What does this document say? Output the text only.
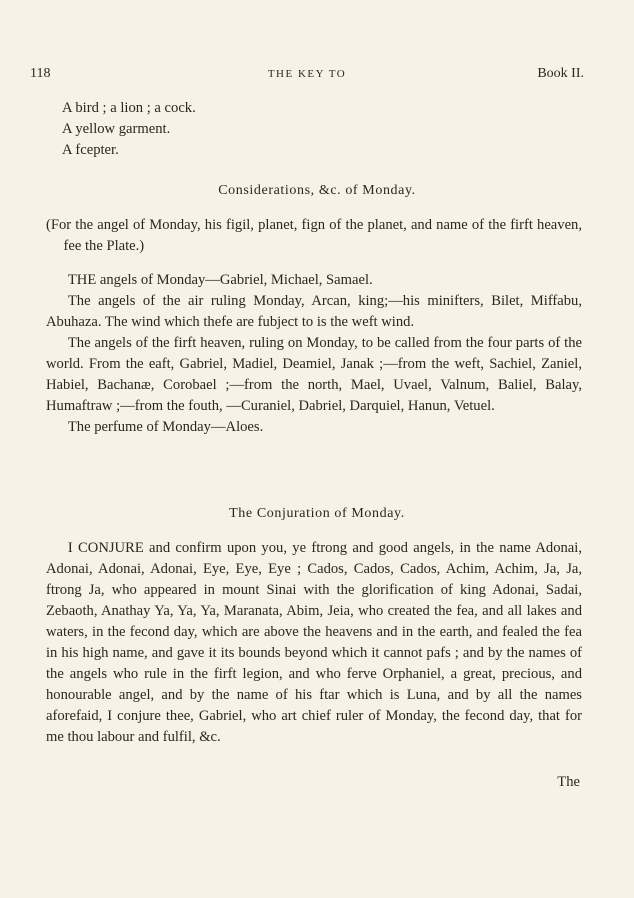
118	THE KEY TO	Book II.

A bird ; a lion ; a cock.

A yellow garment.

A fcepter.

Considerations, &c. of Monday.

(For the angel of Monday, his figil, planet, fign of the planet, and name of the firft heaven, fee the Plate.)

THE angels of Monday—Gabriel, Michael, Samael.

The angels of the air ruling Monday, Arcan, king;—his minifters, Bilet, Miffabu, Abuhaza. The wind which thefe are fubject to is the weft wind.

The angels of the firft heaven, ruling on Monday, to be called from the four parts of the world. From the eaft, Gabriel, Madiel, Deamiel, Janak ;—from the weft, Sachiel, Zaniel, Habiel, Bachanæ, Corobael ;—from the north, Mael, Uvael, Valnum, Baliel, Balay, Humaftraw ;—from the fouth, —Curaniel, Dabriel, Darquiel, Hanun, Vetuel.

The perfume of Monday—Aloes.

The Conjuration of Monday.

I CONJURE and confirm upon you, ye ftrong and good angels, in the name Adonai, Adonai, Adonai, Adonai, Eye, Eye, Eye ; Cados, Cados, Cados, Achim, Achim, Ja, Ja, ftrong Ja, who appeared in mount Sinai with the glorification of king Adonai, Sadai, Zebaoth, Anathay Ya, Ya, Ya, Maranata, Abim, Jeia, who created the fea, and all lakes and waters, in the fecond day, which are above the heavens and in the earth, and fealed the fea in his high name, and gave it its bounds beyond which it cannot pafs ; and by the names of the angels who rule in the firft legion, and who ferve Orphaniel, a great, precious, and honourable angel, and by the name of his ftar which is Luna, and by all the names aforefaid, I conjure thee, Gabriel, who art chief ruler of Monday, the fecond day, that for me thou labour and fulfil, &c.

The
